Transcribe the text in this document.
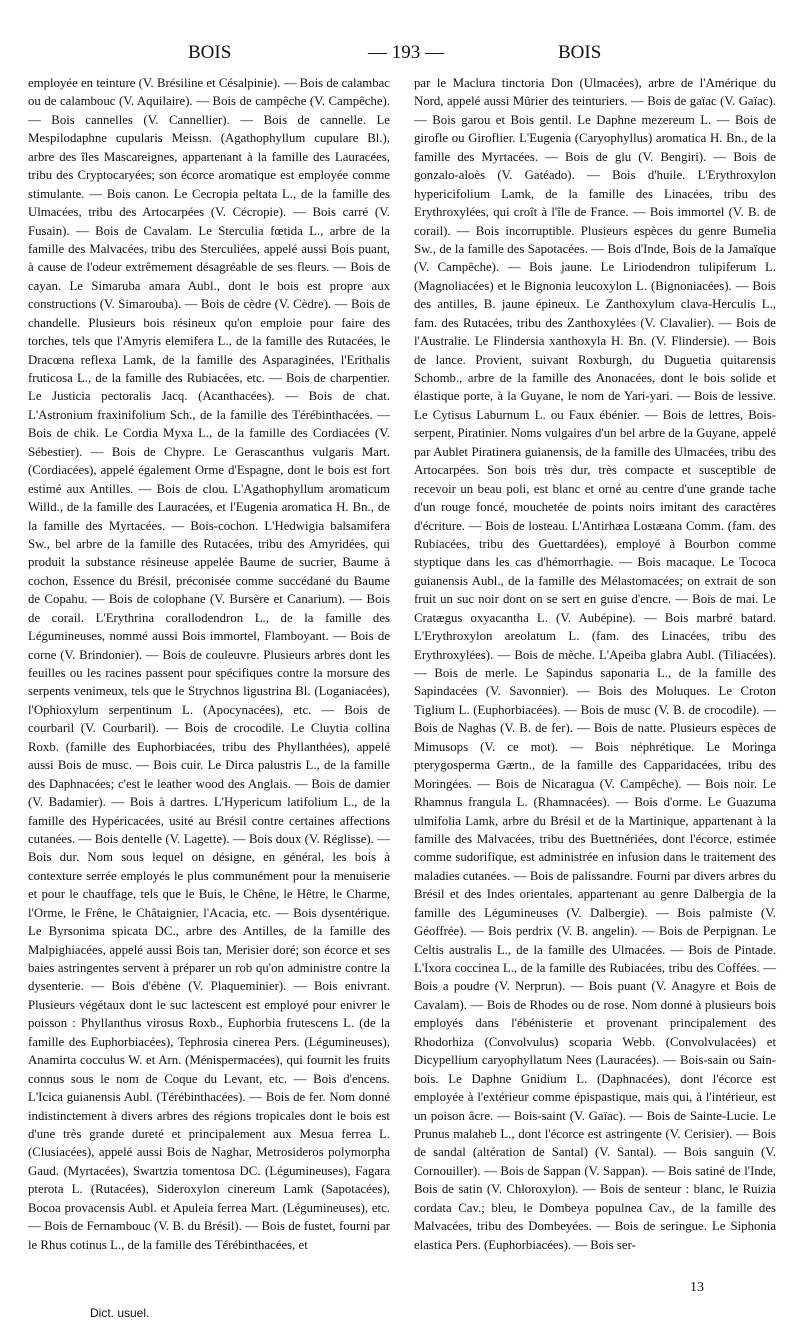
BOIS	— 193 —	BOIS

employée en teinture (V. Brésiline et Césalpinie). — Bois de calambac ou de calambouc (V. Aquilaire). — Bois de campêche (V. Campêche). — Bois cannelles (V. Cannellier). — Bois de cannelle. Le Mespilodaphne cupularis Meissn. (Agathophyllum cupulare Bl.), arbre des îles Mascareignes, appartenant à la famille des Lauracées, tribu des Cryptocaryées; son écorce aromatique est employée comme stimulante. — Bois canon. Le Cecropia peltata L., de la famille des Ulmacées, tribu des Artocarpées (V. Cécropie). — Bois carré (V. Fusain). — Bois de Cavalam. Le Sterculia fœtida L., arbre de la famille des Malvacées, tribu des Sterculiées, appelé aussi Bois puant, à cause de l'odeur extrêmement désagréable de ses fleurs. — Bois de cayan. Le Simaruba amara Aubl., dont le bois est propre aux constructions (V. Simarouba). — Bois de cèdre (V. Cèdre). — Bois de chandelle. Plusieurs bois résineux qu'on emploie pour faire des torches, tels que l'Amyris elemifera L., de la famille des Rutacées, le Dracœna reflexa Lamk, de la famille des Asparaginées, l'Erithalis fruticosa L., de la famille des Rubiacées, etc. — Bois de charpentier. Le Justicia pectoralis Jacq. (Acanthacées). — Bois de chat. L'Astronium fraxinifolium Sch., de la famille des Térébinthacées. — Bois de chik. Le Cordia Myxa L., de la famille des Cordiacées (V. Sébestier). — Bois de Chypre. Le Gerascanthus vulgaris Mart. (Cordiacées), appelé également Orme d'Espagne, dont le bois est fort estimé aux Antilles. — Bois de clou. L'Agathophyllum aromaticum Willd., de la famille des Lauracées, et l'Eugenia aromatica H. Bn., de la famille des Myrtacées. — Bois-cochon. L'Hedwigia balsamifera Sw., bel arbre de la famille des Rutacées, tribu des Amyridées, qui produit la substance résineuse appelée Baume de sucrier, Baume à cochon, Essence du Brésil, préconisée comme succédané du Baume de Copahu. — Bois de colophane (V. Bursère et Canarium). — Bois de corail. L'Erythrina corallodendron L., de la famille des Légumineuses, nommé aussi Bois immortel, Flamboyant. — Bois de corne (V. Brindonier). — Bois de couleuvre. Plusieurs arbres dont les feuilles ou les racines passent pour spécifiques contre la morsure des serpents venimeux, tels que le Strychnos ligustrina Bl. (Loganiacées), l'Ophioxylum serpentinum L. (Apocynacées), etc. — Bois de courbaril (V. Courbaril). — Bois de crocodile. Le Cluytia collina Roxb. (famille des Euphorbiacées, tribu des Phyllanthées), appelé aussi Bois de musc. — Bois cuir. Le Dirca palustris L., de la famille des Daphnacées; c'est le leather wood des Anglais. — Bois de damier (V. Badamier). — Bois à dartres. L'Hypericum latifolium L., de la famille des Hypéricacées, usité au Brésil contre certaines affections cutanées. — Bois dentelle (V. Lagette). — Bois doux (V. Réglisse). — Bois dur. Nom sous lequel on désigne, en général, les bois à contexture serrée employés le plus communément pour la menuiserie et pour le chauffage, tels que le Buis, le Chêne, le Hêtre, le Charme, l'Orme, le Frêne, le Châtaignier, l'Acacia, etc. — Bois dysentérique. Le Byrsonima spicata DC., arbre des Antilles, de la famille des Malpighiacées, appelé aussi Bois tan, Merisier doré; son écorce et ses baies astringentes servent à préparer un rob qu'on administre contre la dysenterie. — Bois d'ébène (V. Plaqueminier). — Bois enivrant. Plusieurs végétaux dont le suc lactescent est employé pour enivrer le poisson : Phyllanthus virosus Roxb., Euphorbia frutescens L. (de la famille des Euphorbiacées), Tephrosia cinerea Pers. (Légumineuses), Anamirta cocculus W. et Arn. (Ménispermacées), qui fournit les fruits connus sous le nom de Coque du Levant, etc. — Bois d'encens. L'Icica guianensis Aubl. (Térébinthacées). — Bois de fer. Nom donné indistinctement à divers arbres des régions tropicales dont le bois est d'une très grande dureté et principalement aux Mesua ferrea L. (Clusiacées), appelé aussi Bois de Naghar, Metrosideros polymorpha Gaud. (Myrtacées), Swartzia tomentosa DC. (Légumineuses), Fagara pterota L. (Rutacées), Sideroxylon cinereum Lamk (Sapotacées), Bocoa provacensis Aubl. et Apuleia ferrea Mart. (Légumineuses), etc. — Bois de Fernambouc (V. B. du Brésil). — Bois de fustet, fourni par le Rhus cotinus L., de la famille des Térébinthacées, et

par le Maclura tinctoria Don (Ulmacées), arbre de l'Amérique du Nord, appelé aussi Mûrier des teinturiers. — Bois de gaïac (V. Gaïac). — Bois garou et Bois gentil. Le Daphne mezereum L. — Bois de girofle ou Giroflier. L'Eugenia (Caryophyllus) aromatica H. Bn., de la famille des Myrtacées. — Bois de glu (V. Bengiri). — Bois de gonzalo-aloès (V. Gatéado). — Bois d'huile. L'Erythroxylon hypericifolium Lamk, de la famille des Linacées, tribu des Erythroxylées, qui croît à l'île de France. — Bois immortel (V. B. de corail). — Bois incorruptible. Plusieurs espèces du genre Bumelia Sw., de la famille des Sapotacées. — Bois d'Inde, Bois de la Jamaïque (V. Campêche). — Bois jaune. Le Liriodendron tulipiferum L. (Magnoliacées) et le Bignonia leucoxylon L. (Bignoniacées). — Bois des antilles, B. jaune épineux. Le Zanthoxylum clava-Herculis L., fam. des Rutacées, tribu des Zanthoxylées (V. Clavalier). — Bois de l'Australie. Le Flindersia xanthoxyla H. Bn. (V. Flindersie). — Bois de lance. Provient, suivant Roxburgh, du Duguetia quitarensis Schomb., arbre de la famille des Anonacées, dont le bois solide et élastique porte, à la Guyane, le nom de Yari-yari. — Bois de lessive. Le Cytisus Laburnum L. ou Faux ébénier. — Bois de lettres, Bois-serpent, Piratinier. Noms vulgaires d'un bel arbre de la Guyane, appelé par Aublet Piratinera guianensis, de la famille des Ulmacées, tribu des Artocarpées. Son bois très dur, très compacte et susceptible de recevoir un beau poli, est blanc et orné au centre d'une grande tache d'un rouge foncé, mouchetée de points noirs imitant des caractères d'écriture. — Bois de losteau. L'Antirhæa Lostæana Comm. (fam. des Rubiacées, tribu des Guettardées), employé à Bourbon comme styptique dans les cas d'hémorrhagie. — Bois macaque. Le Tococa guianensis Aubl., de la famille des Mélastomacées; on extrait de son fruit un suc noir dont on se sert en guise d'encre. — Bois de mai. Le Cratægus oxyacantha L. (V. Aubépine). — Bois marbré batard. L'Erythroxylon areolatum L. (fam. des Linacées, tribu des Erythroxylées). — Bois de mèche. L'Apeiba glabra Aubl. (Tiliacées). — Bois de merle. Le Sapindus saponaria L., de la famille des Sapindacées (V. Savonnier). — Bois des Moluques. Le Croton Tiglium L. (Euphorbiacées). — Bois de musc (V. B. de crocodile). — Bois de Naghas (V. B. de fer). — Bois de natte. Plusieurs espèces de Mimusops (V. ce mot). — Bois néphrétique. Le Moringa pterygosperma Gærtn., de la famille des Capparidacées, tribu des Moringées. — Bois de Nicaragua (V. Campêche). — Bois noir. Le Rhamnus frangula L. (Rhamnacées). — Bois d'orme. Le Guazuma ulmifolia Lamk, arbre du Brésil et de la Martinique, appartenant à la famille des Malvacées, tribu des Buettnériées, dont l'écorce, estimée comme sudorifique, est administrée en infusion dans le traitement des maladies cutanées. — Bois de palissandre. Fourni par divers arbres du Brésil et des Indes orientales, appartenant au genre Dalbergia de la famille des Légumineuses (V. Dalbergie). — Bois palmiste (V. Géoffrée). — Bois perdrix (V. B. angelin). — Bois de Perpignan. Le Celtis australis L., de la famille des Ulmacées. — Bois de Pintade. L'Ixora coccinea L., de la famille des Rubiacées, tribu des Coffées. — Bois a poudre (V. Nerprun). — Bois puant (V. Anagyre et Bois de Cavalam). — Bois de Rhodes ou de rose. Nom donné à plusieurs bois employés dans l'ébénisterie et provenant principalement des Rhodorhiza (Convolvulus) scoparia Webb. (Convolvulacées) et Dicypellium caryophyllatum Nees (Lauracées). — Bois-sain ou Sain-bois. Le Daphne Gnidium L. (Daphnacées), dont l'écorce est employée à l'extérieur comme épispastique, mais qui, à l'intérieur, est un poison âcre. — Bois-saint (V. Gaïac). — Bois de Sainte-Lucie. Le Prunus malaheb L., dont l'écorce est astringente (V. Cerisier). — Bois de sandal (altération de Santal) (V. Santal). — Bois sanguin (V. Cornouiller). — Bois de Sappan (V. Sappan). — Bois satiné de l'Inde, Bois de satin (V. Chloroxylon). — Bois de senteur : blanc, le Ruizia cordata Cav.; bleu, le Dombeya populnea Cav., de la famille des Malvacées, tribu des Dombeyées. — Bois de seringue. Le Siphonia elastica Pers. (Euphorbiacées). — Bois ser-

13
Dict. usuel.
